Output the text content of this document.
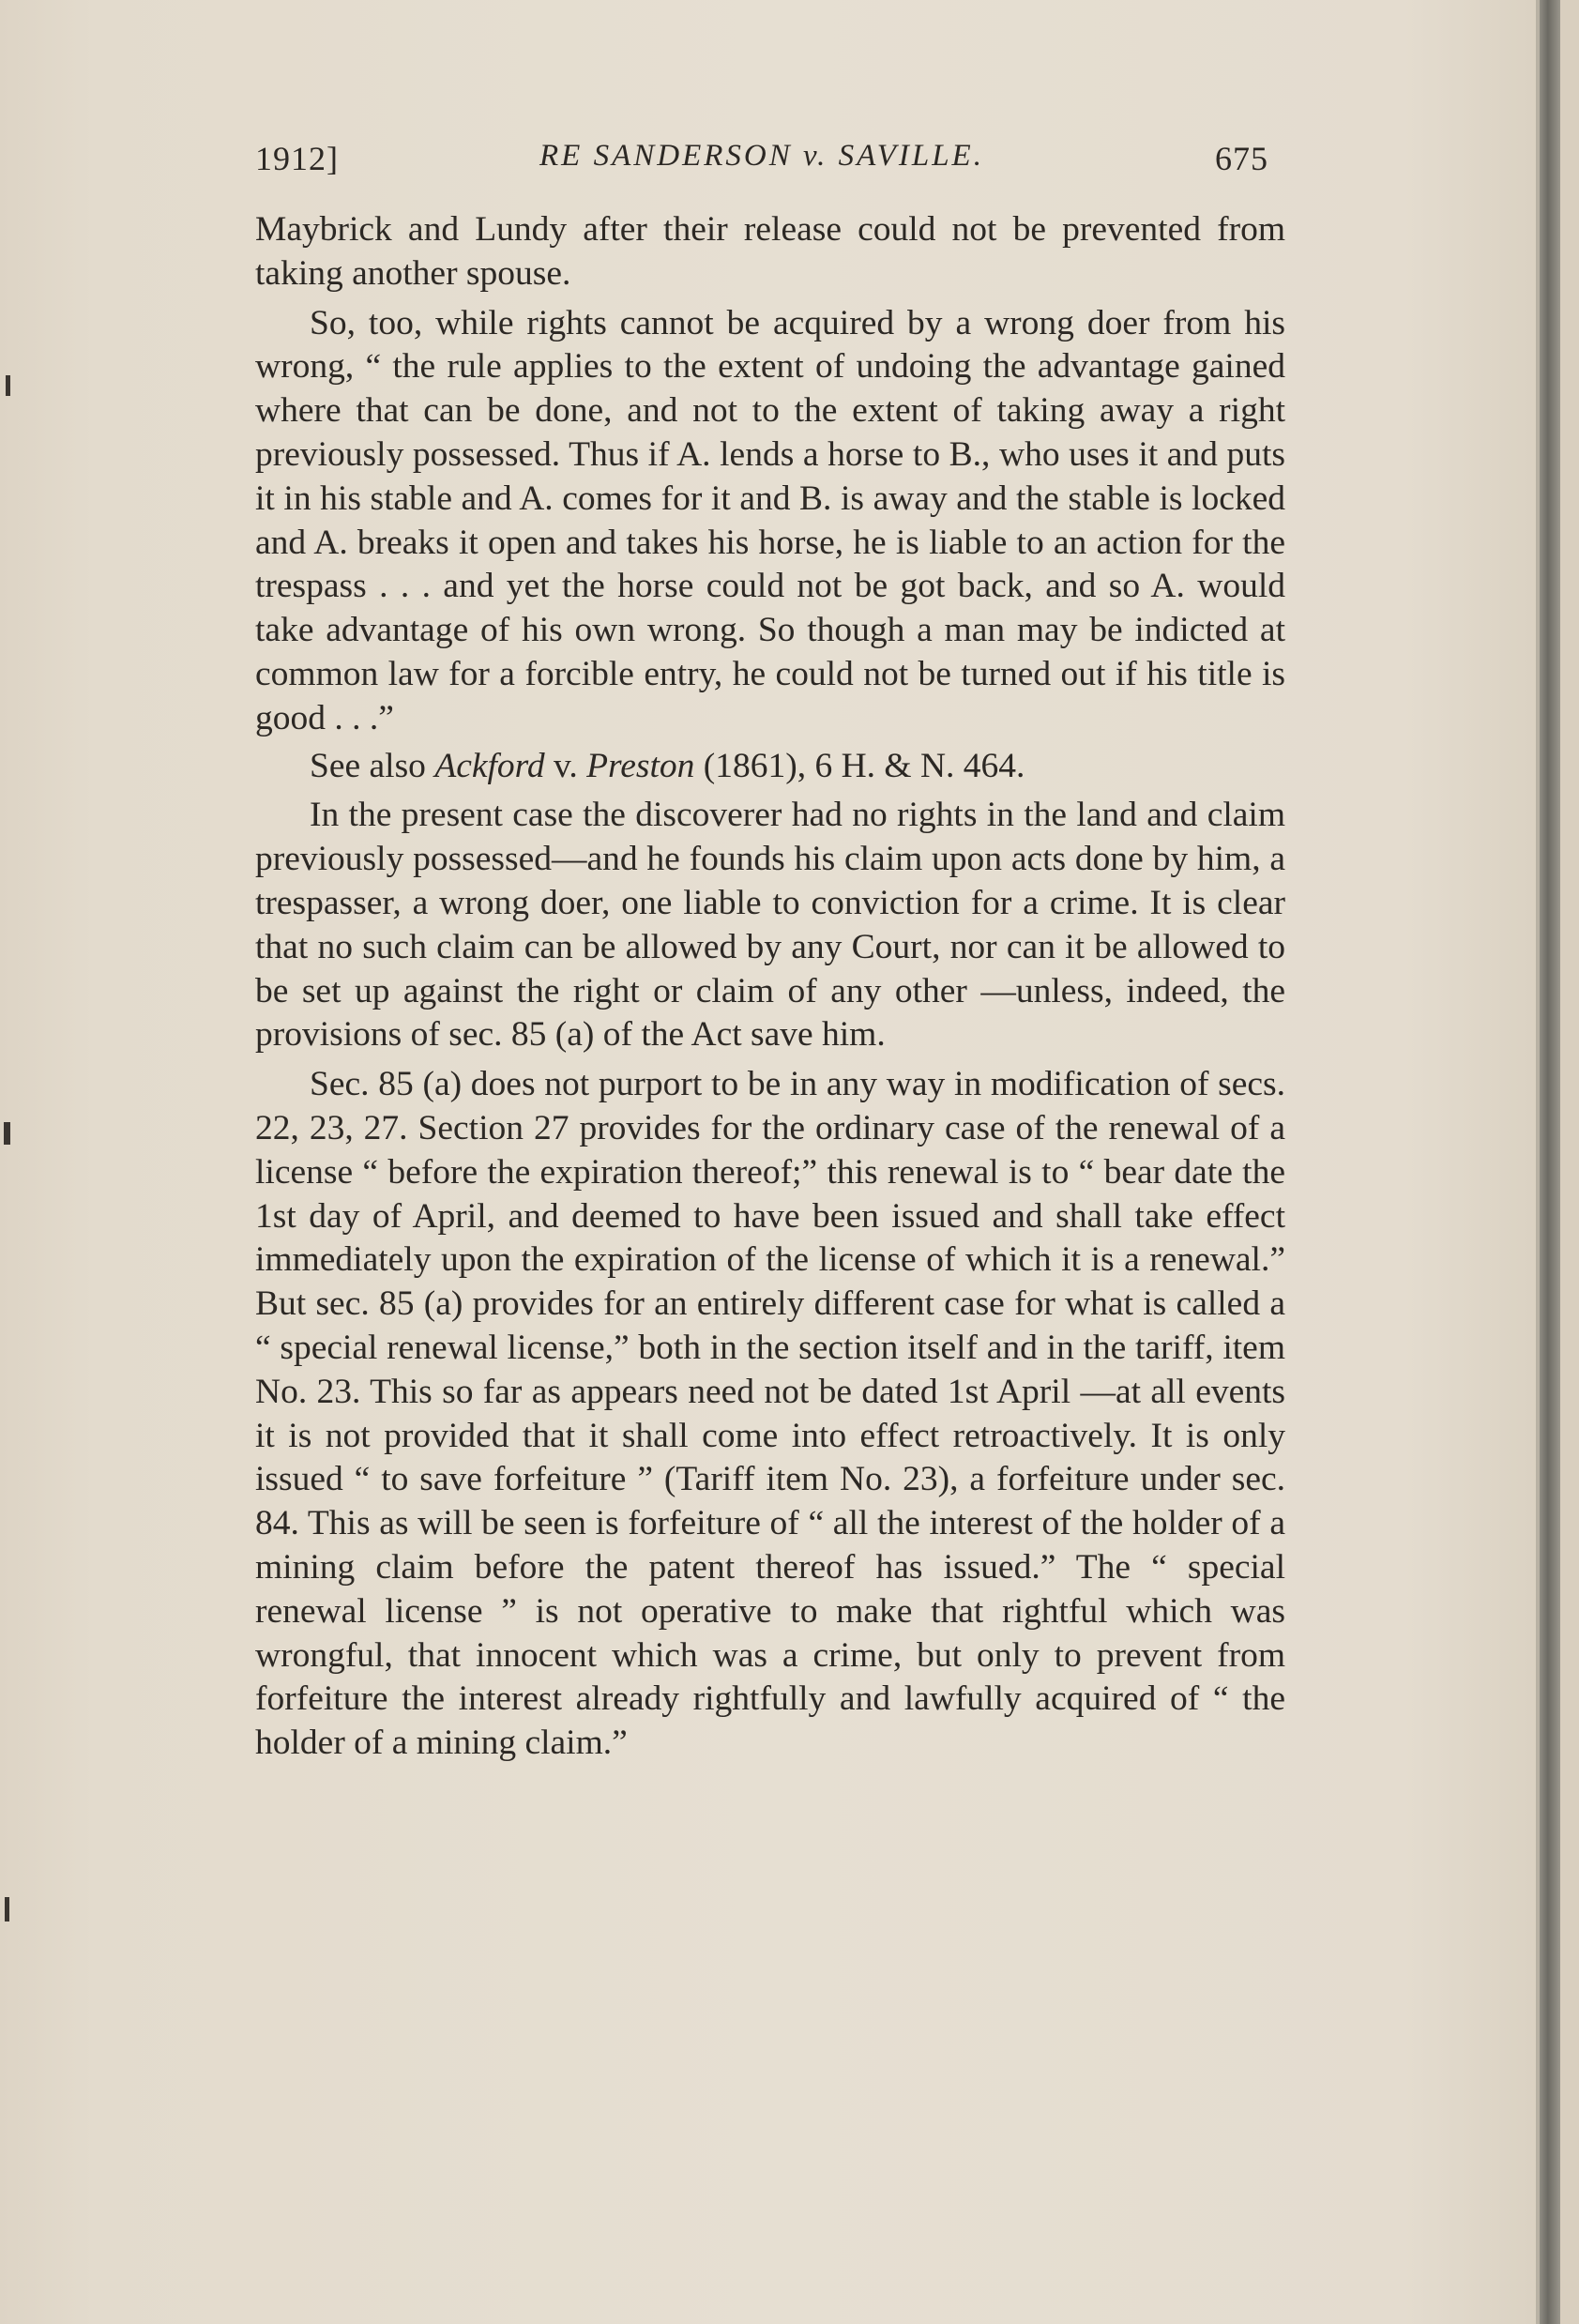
1912]	RE SANDERSON v. SAVILLE.	675

Maybrick and Lundy after their release could not be prevented from taking another spouse.

So, too, while rights cannot be acquired by a wrong doer from his wrong, “ the rule applies to the extent of undoing the advantage gained where that can be done, and not to the extent of taking away a right previously possessed. Thus if A. lends a horse to B., who uses it and puts it in his stable and A. comes for it and B. is away and the stable is locked and A. breaks it open and takes his horse, he is liable to an action for the trespass . . . and yet the horse could not be got back, and so A. would take advantage of his own wrong. So though a man may be indicted at common law for a forcible entry, he could not be turned out if his title is good . . .”

See also Ackford v. Preston (1861), 6 H. & N. 464.

In the present case the discoverer had no rights in the land and claim previously possessed—and he founds his claim upon acts done by him, a trespasser, a wrong doer, one liable to conviction for a crime. It is clear that no such claim can be allowed by any Court, nor can it be allowed to be set up against the right or claim of any other —unless, indeed, the provisions of sec. 85 (a) of the Act save him.

Sec. 85 (a) does not purport to be in any way in modification of secs. 22, 23, 27. Section 27 provides for the ordinary case of the renewal of a license “ before the expiration thereof;” this renewal is to “ bear date the 1st day of April, and deemed to have been issued and shall take effect immediately upon the expiration of the license of which it is a renewal.” But sec. 85 (a) provides for an entirely different case for what is called a “ special renewal license,” both in the section itself and in the tariff, item No. 23. This so far as appears need not be dated 1st April —at all events it is not provided that it shall come into effect retroactively. It is only issued “ to save forfeiture ” (Tariff item No. 23), a forfeiture under sec. 84. This as will be seen is forfeiture of “ all the interest of the holder of a mining claim before the patent thereof has issued.” The “ special renewal license ” is not operative to make that rightful which was wrongful, that innocent which was a crime, but only to prevent from forfeiture the interest already rightfully and lawfully acquired of “ the holder of a mining claim.”
